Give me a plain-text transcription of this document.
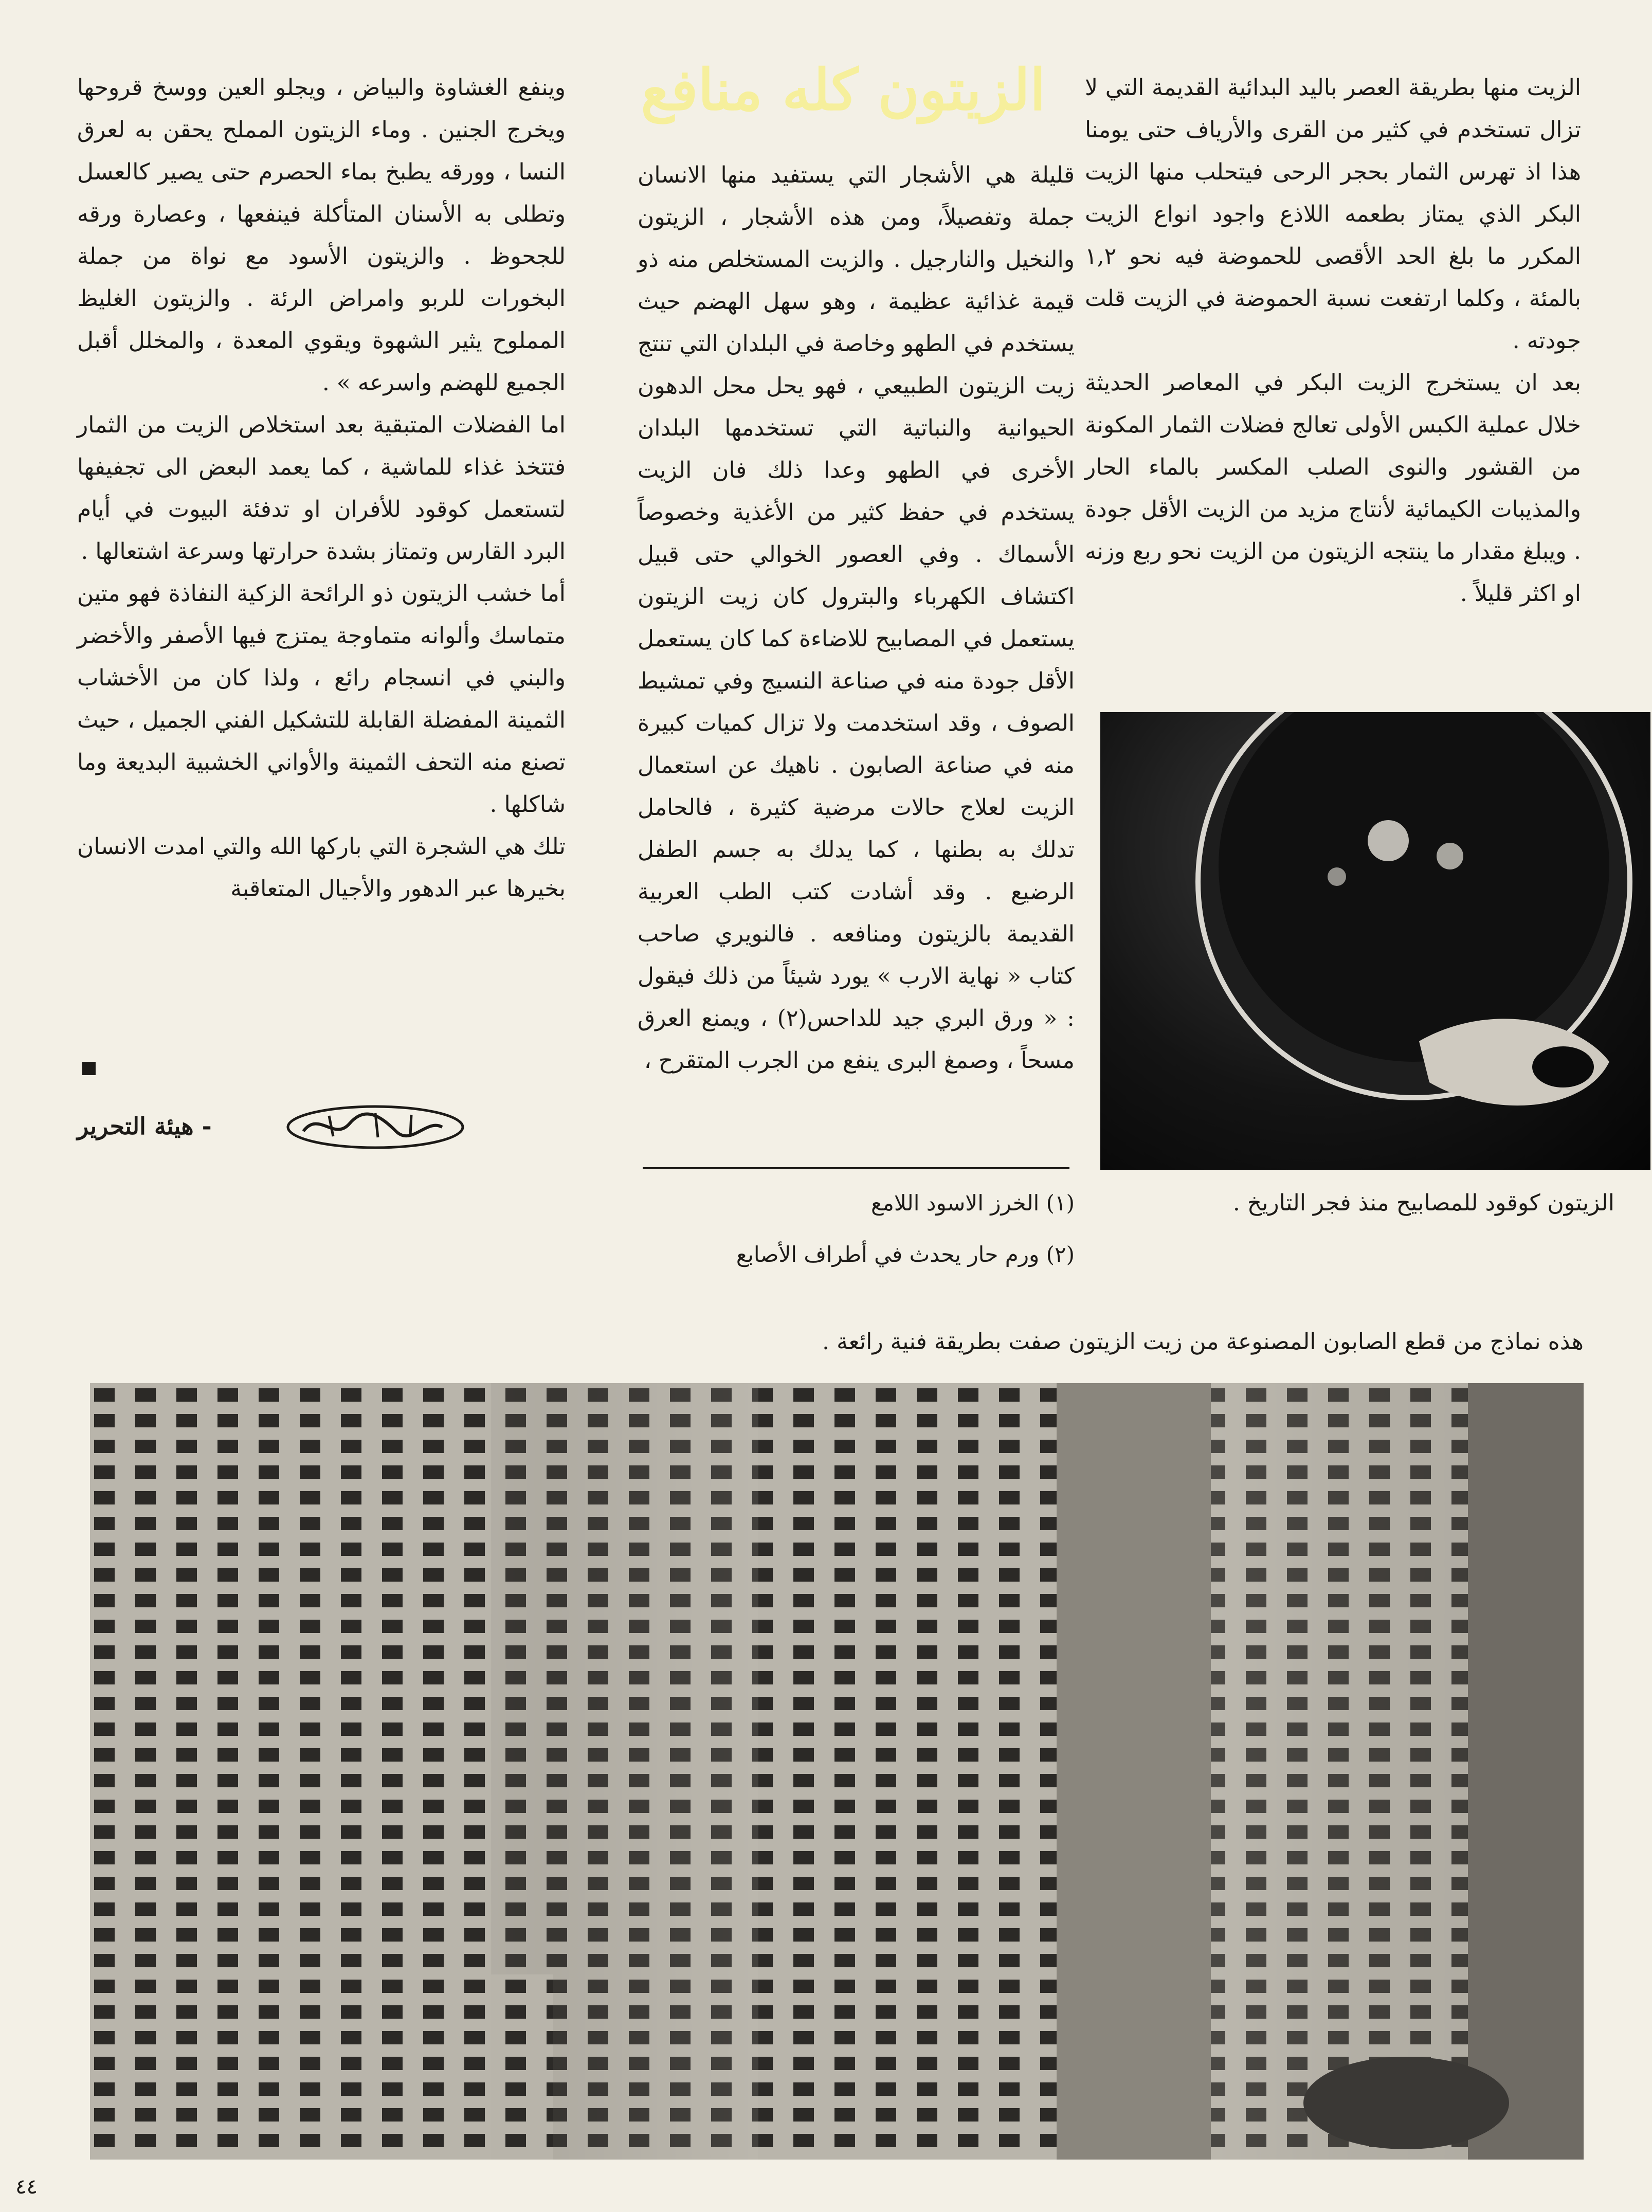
الزيتون كله منافع	الزيت منها بطريقة العصر باليد البدائية القديمة التي لا تزال تستخدم في كثير من القرى والأرياف حتى يومنا هذا اذ تهرس الثمار بحجر الرحى فيتحلب منها الزيت البكر الذي يمتاز بطعمه اللاذع واجود انواع الزيت المكرر ما بلغ الحد الأقصى للحموضة فيه نحو ١,٢ بالمئة ، وكلما ارتفعت نسبة الحموضة في الزيت قلت جودته .

بعد ان يستخرج الزيت البكر في المعاصر الحديثة خلال عملية الكبس الأولى تعالج فضلات الثمار المكونة من القشور والنوى الصلب المكسر بالماء الحار والمذيبات الكيمائية لأنتاج مزيد من الزيت الأقل جودة . ويبلغ مقدار ما ينتجه الزيتون من الزيت نحو ربع وزنه او اكثر قليلاً .

قليلة هي الأشجار التي يستفيد منها الانسان جملة وتفصيلاً، ومن هذه الأشجار ، الزيتون والنخيل والنارجيل . والزيت المستخلص منه ذو قيمة غذائية عظيمة ، وهو سهل الهضم حيث يستخدم في الطهو وخاصة في البلدان التي تنتج زيت الزيتون الطبيعي ، فهو يحل محل الدهون الحيوانية والنباتية التي تستخدمها البلدان الأخرى في الطهو وعدا ذلك فان الزيت يستخدم في حفظ كثير من الأغذية وخصوصاً الأسماك . وفي العصور الخوالي حتى قبيل اكتشاف الكهرباء والبترول كان زيت الزيتون يستعمل في المصابيح للاضاءة كما كان يستعمل الأقل جودة منه في صناعة النسيج وفي تمشيط الصوف ، وقد استخدمت ولا تزال كميات كبيرة منه في صناعة الصابون . ناهيك عن استعمال الزيت لعلاج حالات مرضية كثيرة ، فالحامل تدلك به بطنها ، كما يدلك به جسم الطفل الرضيع . وقد أشادت كتب الطب العربية القديمة بالزيتون ومنافعه . فالنويري صاحب كتاب « نهاية الارب » يورد شيئاً من ذلك فيقول : « ورق البري جيد للداحس(٢) ، ويمنع العرق مسحاً ، وصمغ البرى ينفع من الجرب المتقرح ،

وينفع الغشاوة والبياض ، ويجلو العين ووسخ قروحها ويخرج الجنين . وماء الزيتون المملح يحقن به لعرق النسا ، وورقه يطبخ بماء الحصرم حتى يصير كالعسل وتطلى به الأسنان المتأكلة فينفعها ، وعصارة ورقه للجحوظ . والزيتون الأسود مع نواة من جملة البخورات للربو وامراض الرئة . والزيتون الغليظ المملوح يثير الشهوة ويقوي المعدة ، والمخلل أقبل الجميع للهضم واسرعه » .

اما الفضلات المتبقية بعد استخلاص الزيت من الثمار فتتخذ غذاء للماشية ، كما يعمد البعض الى تجفيفها لتستعمل كوقود للأفران او تدفئة البيوت في أيام البرد القارس وتمتاز بشدة حرارتها وسرعة اشتعالها .

أما خشب الزيتون ذو الرائحة الزكية النفاذة فهو متين متماسك وألوانه متماوجة يمتزج فيها الأصفر والأخضر والبني في انسجام رائع ، ولذا كان من الأخشاب الثمينة المفضلة القابلة للتشكيل الفني الجميل ، حيث تصنع منه التحف الثمينة والأواني الخشبية البديعة وما شاكلها .

تلك هي الشجرة التي باركها الله والتي امدت الانسان بخيرها عبر الدهور والأجيال المتعاقبة

- هيئة التحرير
(١) الخرز الاسود اللامع
(٢) ورم حار يحدث في أطراف الأصابع
الزيتون كوقود للمصابيح منذ فجر التاريخ .
هذه نماذج من قطع الصابون المصنوعة من زيت الزيتون صفت بطريقة فنية رائعة .
٤٤
